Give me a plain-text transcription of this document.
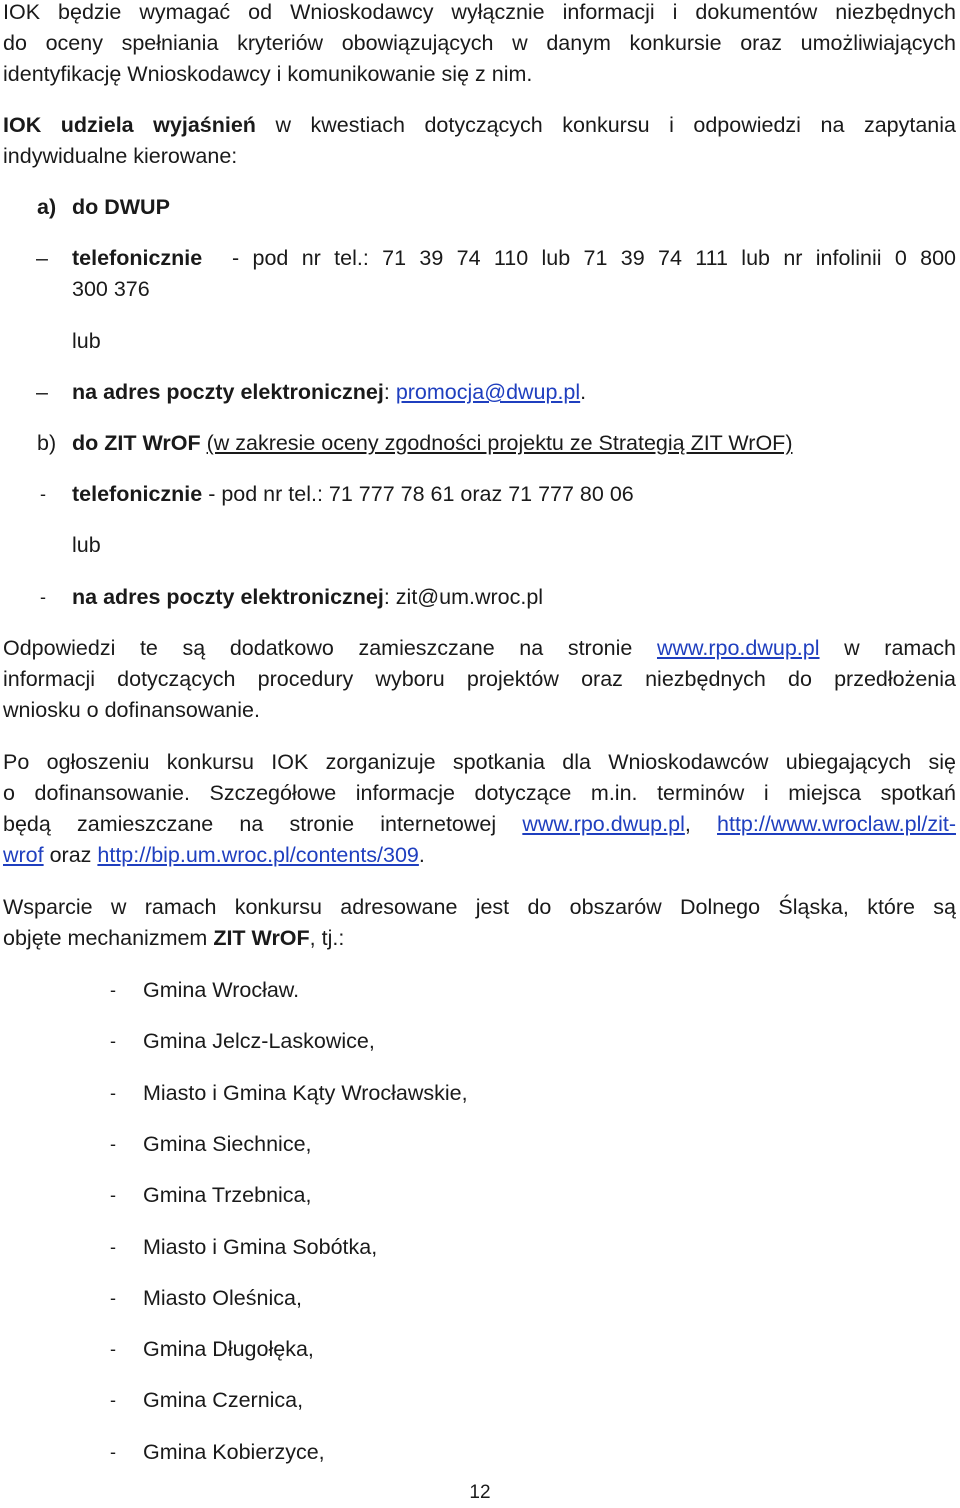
IOK będzie wymagać od Wnioskodawcy wyłącznie informacji i dokumentów niezbędnych
do oceny spełniania kryteriów obowiązujących w danym konkursie oraz umożliwiających
identyfikację Wnioskodawcy i komunikowanie się z nim.
IOK udziela wyjaśnień w kwestiach dotyczących konkursu i odpowiedzi na zapytania
indywidualne kierowane:
a) do DWUP
– telefonicznie - pod nr tel.: 71 39 74 110 lub 71 39 74 111 lub nr infolinii 0 800
300 376
lub
– na adres poczty elektronicznej: promocja@dwup.pl.
b) do ZIT WrOF (w zakresie oceny zgodności projektu ze Strategią ZIT WrOF)
- telefonicznie - pod nr tel.: 71 777 78 61 oraz 71 777 80 06
lub
- na adres poczty elektronicznej: zit@um.wroc.pl
Odpowiedzi te są dodatkowo zamieszczane na stronie www.rpo.dwup.pl w ramach
informacji dotyczących procedury wyboru projektów oraz niezbędnych do przedłożenia
wniosku o dofinansowanie.
Po ogłoszeniu konkursu IOK zorganizuje spotkania dla Wnioskodawców ubiegających się
o dofinansowanie. Szczegółowe informacje dotyczące m.in. terminów i miejsca spotkań
będą zamieszczane na stronie internetowej www.rpo.dwup.pl, http://www.wroclaw.pl/zit-
wrof oraz http://bip.um.wroc.pl/contents/309.
Wsparcie w ramach konkursu adresowane jest do obszarów Dolnego Śląska, które są
objęte mechanizmem ZIT WrOF, tj.:
- Gmina Wrocław.
- Gmina Jelcz-Laskowice,
- Miasto i Gmina Kąty Wrocławskie,
- Gmina Siechnice,
- Gmina Trzebnica,
- Miasto i Gmina Sobótka,
- Miasto Oleśnica,
- Gmina Długołęka,
- Gmina Czernica,
- Gmina Kobierzyce,
12
